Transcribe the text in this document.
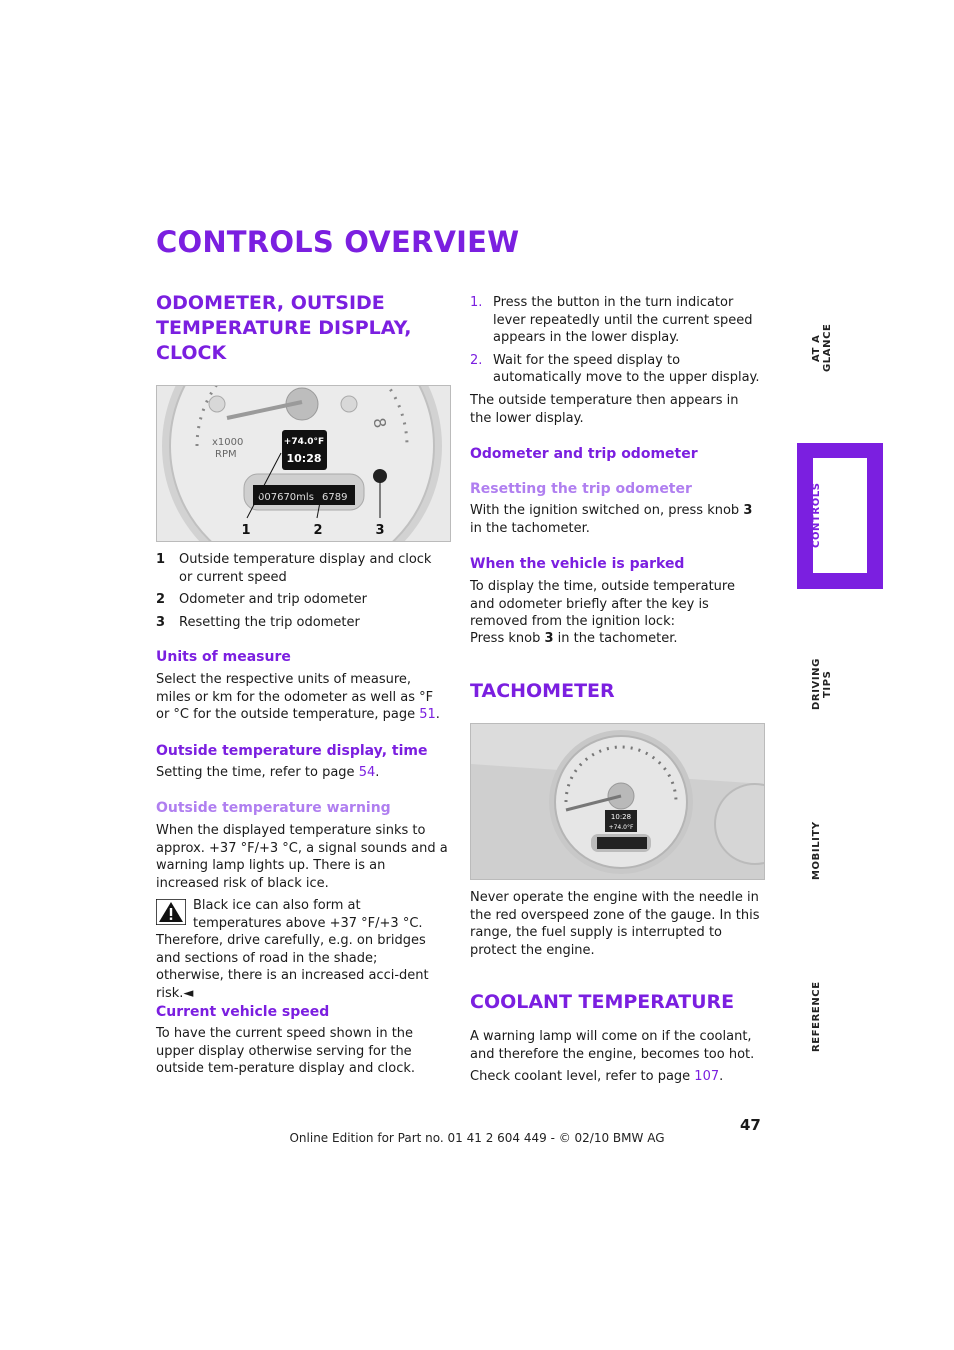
CONTROLS OVERVIEW
ODOMETER, OUTSIDE TEMPERATURE DISPLAY, CLOCK
x1000
RPM
8
+74.0°F
10:28
007670mls 6789
1	2	3
1	Outside temperature display and clock or current speed
2	Odometer and trip odometer
3	Resetting the trip odometer
Units of measure

Select the respective units of measure, miles or km for the odometer as well as °F or °C for the outside temperature, page 51.

Outside temperature display, time

Setting the time, refer to page 54.

Outside temperature warning

When the displayed temperature sinks to approx. +37 °F/+3 °C, a signal sounds and a warning lamp lights up. There is an increased risk of black ice.

Black ice can also form at temperatures above +37 °F/+3 °C. Therefore, drive carefully, e.g. on bridges and sections of road in the shade; otherwise, there is an increased acci-dent risk.◄
Current vehicle speed

To have the current speed shown in the upper display otherwise serving for the outside tem-perature display and clock.

1. Press the button in the turn indicator lever repeatedly until the current speed appears in the lower display.
2. Wait for the speed display to automatically move to the upper display.

The outside temperature then appears in the lower display.

Odometer and trip odometer
Resetting the trip odometer

With the ignition switched on, press knob 3 in the tachometer.

When the vehicle is parked

To display the time, outside temperature and odometer briefly after the key is removed from the ignition lock:

Press knob 3 in the tachometer.

TACHOMETER
10:28
+74.0°F

Never operate the engine with the needle in the red overspeed zone of the gauge. In this range, the fuel supply is interrupted to protect the engine.

COOLANT TEMPERATURE

A warning lamp will come on if the coolant, and therefore the engine, becomes too hot.

Check coolant level, refer to page 107.

AT A GLANCE
CONTROLS
DRIVING TIPS
MOBILITY
REFERENCE
47
Online Edition for Part no. 01 41 2 604 449 - © 02/10 BMW AG
